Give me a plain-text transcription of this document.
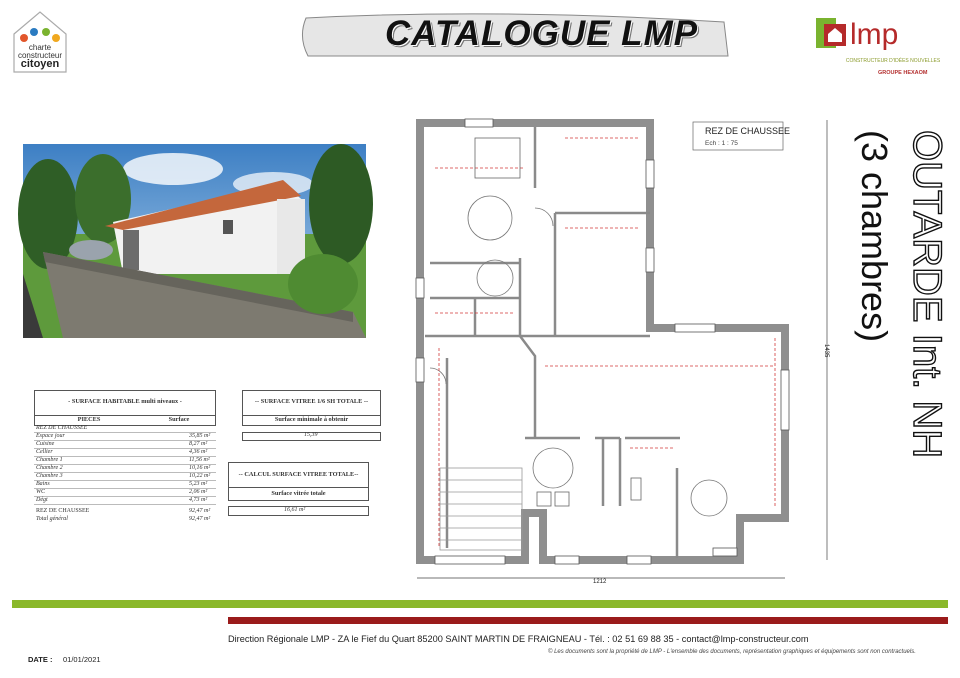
CATALOGUE LMP
charte
constructeur
citoyen
lmp
CONSTRUCTEUR D'IDÉES NOUVELLES
GROUPE HEXAOM
- SURFACE HABITABLE multi niveaux -
PIECES	Surface
REZ DE CHAUSSEE
Espace jour	35,85 m²
Cuisine	8,27 m²
Cellier	4,36 m²
Chambre 1	11,56 m²
Chambre 2	10,16 m²
Chambre 3	10,22 m²
Bains	5,23 m²
WC	2,06 m²
Dégt	4,73 m²
REZ DE CHAUSSEE	92,47 m²
Total général	92,47 m²
-- SURFACE VITREE 1/6 SH TOTALE --
Surface minimale à obtenir
15,39
-- CALCUL SURFACE VITREE TOTALE--
Surface vitrée totale
16,61 m²
REZ DE CHAUSSEE
Ech : 1 : 75
1212
1435 OUTARDE Int. NH
(3 chambres)
Direction Régionale LMP - ZA le Fief du Quart 85200 SAINT MARTIN DE FRAIGNEAU - Tél. : 02 51 69 88 35 - contact@lmp-constructeur.com
© Les documents sont la propriété de LMP - L'ensemble des documents, représentation graphiques et équipements sont non contractuels.
DATE : 01/01/2021
